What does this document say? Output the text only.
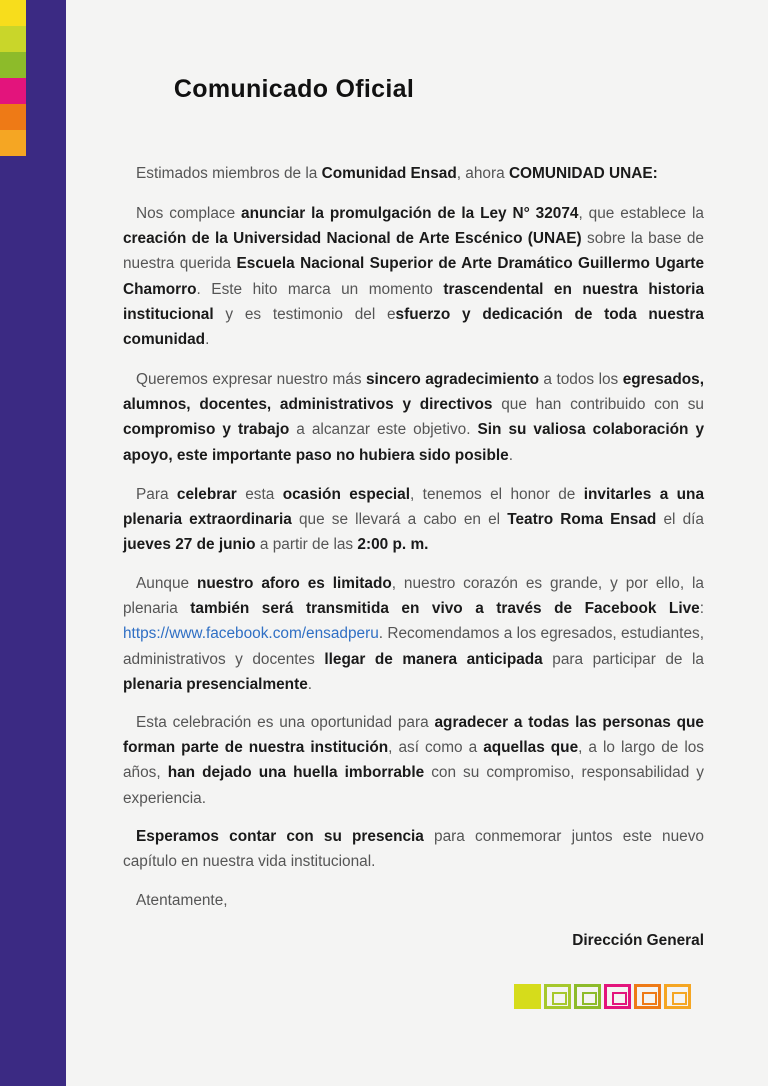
Comunicado Oficial

Estimados miembros de la Comunidad Ensad, ahora COMUNIDAD UNAE:

Nos complace anunciar la promulgación de la Ley N° 32074, que establece la creación de la Universidad Nacional de Arte Escénico (UNAE) sobre la base de nuestra querida Escuela Nacional Superior de Arte Dramático Guillermo Ugarte Chamorro. Este hito marca un momento trascendental en nuestra historia institucional y es testimonio del esfuerzo y dedicación de toda nuestra comunidad.

Queremos expresar nuestro más sincero agradecimiento a todos los egresados, alumnos, docentes, administrativos y directivos que han contribuido con su compromiso y trabajo a alcanzar este objetivo. Sin su valiosa colaboración y apoyo, este importante paso no hubiera sido posible.

Para celebrar esta ocasión especial, tenemos el honor de invitarles a una plenaria extraordinaria que se llevará a cabo en el Teatro Roma Ensad el día jueves 27 de junio a partir de las 2:00 p. m.

Aunque nuestro aforo es limitado, nuestro corazón es grande, y por ello, la plenaria también será transmitida en vivo a través de Facebook Live: https://www.facebook.com/ensadperu. Recomendamos a los egresados, estudiantes, administrativos y docentes llegar de manera anticipada para participar de la plenaria presencialmente.

Esta celebración es una oportunidad para agradecer a todas las personas que forman parte de nuestra institución, así como a aquellas que, a lo largo de los años, han dejado una huella imborrable con su compromiso, responsabilidad y experiencia.

Esperamos contar con su presencia para conmemorar juntos este nuevo capítulo en nuestra vida institucional.

Atentamente,

Dirección General
